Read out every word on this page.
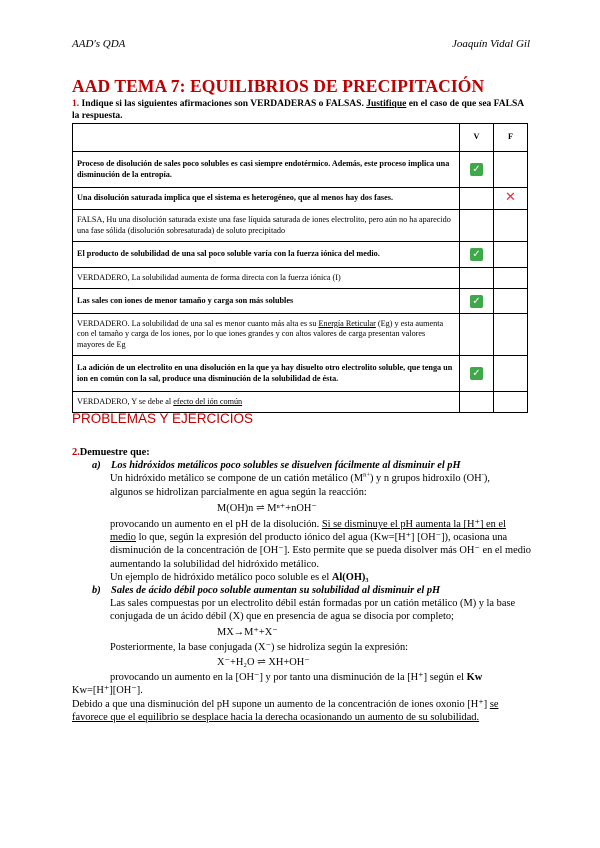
AAD's QDA	Joaquín Vidal Gil
AAD TEMA 7: EQUILIBRIOS DE PRECIPITACIÓN
1. Indique si las siguientes afirmaciones son VERDADERAS o FALSAS. Justifique en el caso de que sea FALSA la respuesta.
	V	F
Proceso de disolución de sales poco solubles es casi siempre endotérmico. Además, este proceso implica una disminución de la entropía.	✓	
Una disolución saturada implica que el sistema es heterogéneo, que al menos hay dos fases.		✕
FALSA, Hu una disolución saturada existe una fase líquida saturada de iones electrolito, pero aún no ha aparecido una fase sólida (disolución sobresaturada) de soluto precipitado		
El producto de solubilidad de una sal poco soluble varía con la fuerza iónica del medio.	✓	
VERDADERO, La solubilidad aumenta de forma directa con la fuerza iónica (I)		
Las sales con iones de menor tamaño y carga son más solubles	✓	
VERDADERO. La solubilidad de una sal es menor cuanto más alta es su Energía Reticular (Eg) y esta aumenta con el tamaño y carga de los iones, por lo que iones grandes y con altos valores de carga presentan valores mayores de Eg		
La adición de un electrolito en una disolución en la que ya hay disuelto otro electrolito soluble, que tenga un ion en común con la sal, produce una disminución de la solubilidad de ésta.	✓	
VERDADERO, Y se debe al efecto del ión común		
PROBLEMAS Y EJERCICIOS

2.Demuestre que:

a) Los hidróxidos metálicos poco solubles se disuelven fácilmente al disminuir el pH

Un hidróxido metálico se compone de un catión metálico $(M^{n+})$ y n grupos hidroxilo (OH-),

algunos se hidrolizan parcialmente en agua según la reacción:

M(OH)n ⇌ Mⁿ⁺+nOH⁻

provocando un aumento en el pH de la disolución. Si se disminuye el pH aumenta la [H⁺] en el medio lo que, según la expresión del producto iónico del agua (Kw=[H⁺] [OH⁻]), ocasiona una disminución de la concentración de [OH⁻]. Esto permite que se pueda disolver más OH⁻ en el medio aumentando la solubilidad del hidróxido metálico.

Un ejemplo de hidróxido metálico poco soluble es el Al(OH)₃

b) Sales de ácido débil poco soluble aumentan su solubilidad al disminuir el pH

Las sales compuestas por un electrolito débil están formadas por un catión metálico (M) y la base conjugada de un ácido débil (X) que en presencia de agua se disocia por completo;

MX→M⁺+X⁻

Posteriormente, la base conjugada (X⁻) se hidroliza según la expresión:

X⁻+H₂O ⇌ XH+OH⁻

provocando un aumento en la [OH⁻] y por tanto una disminución de la [H⁺] según el Kw

Kw=[H⁺][OH⁻].

Debido a que una disminución del pH supone un aumento de la concentración de iones oxonio [H⁺] se favorece que el equilibrio se desplace hacia la derecha ocasionando un aumento de su solubilidad.
